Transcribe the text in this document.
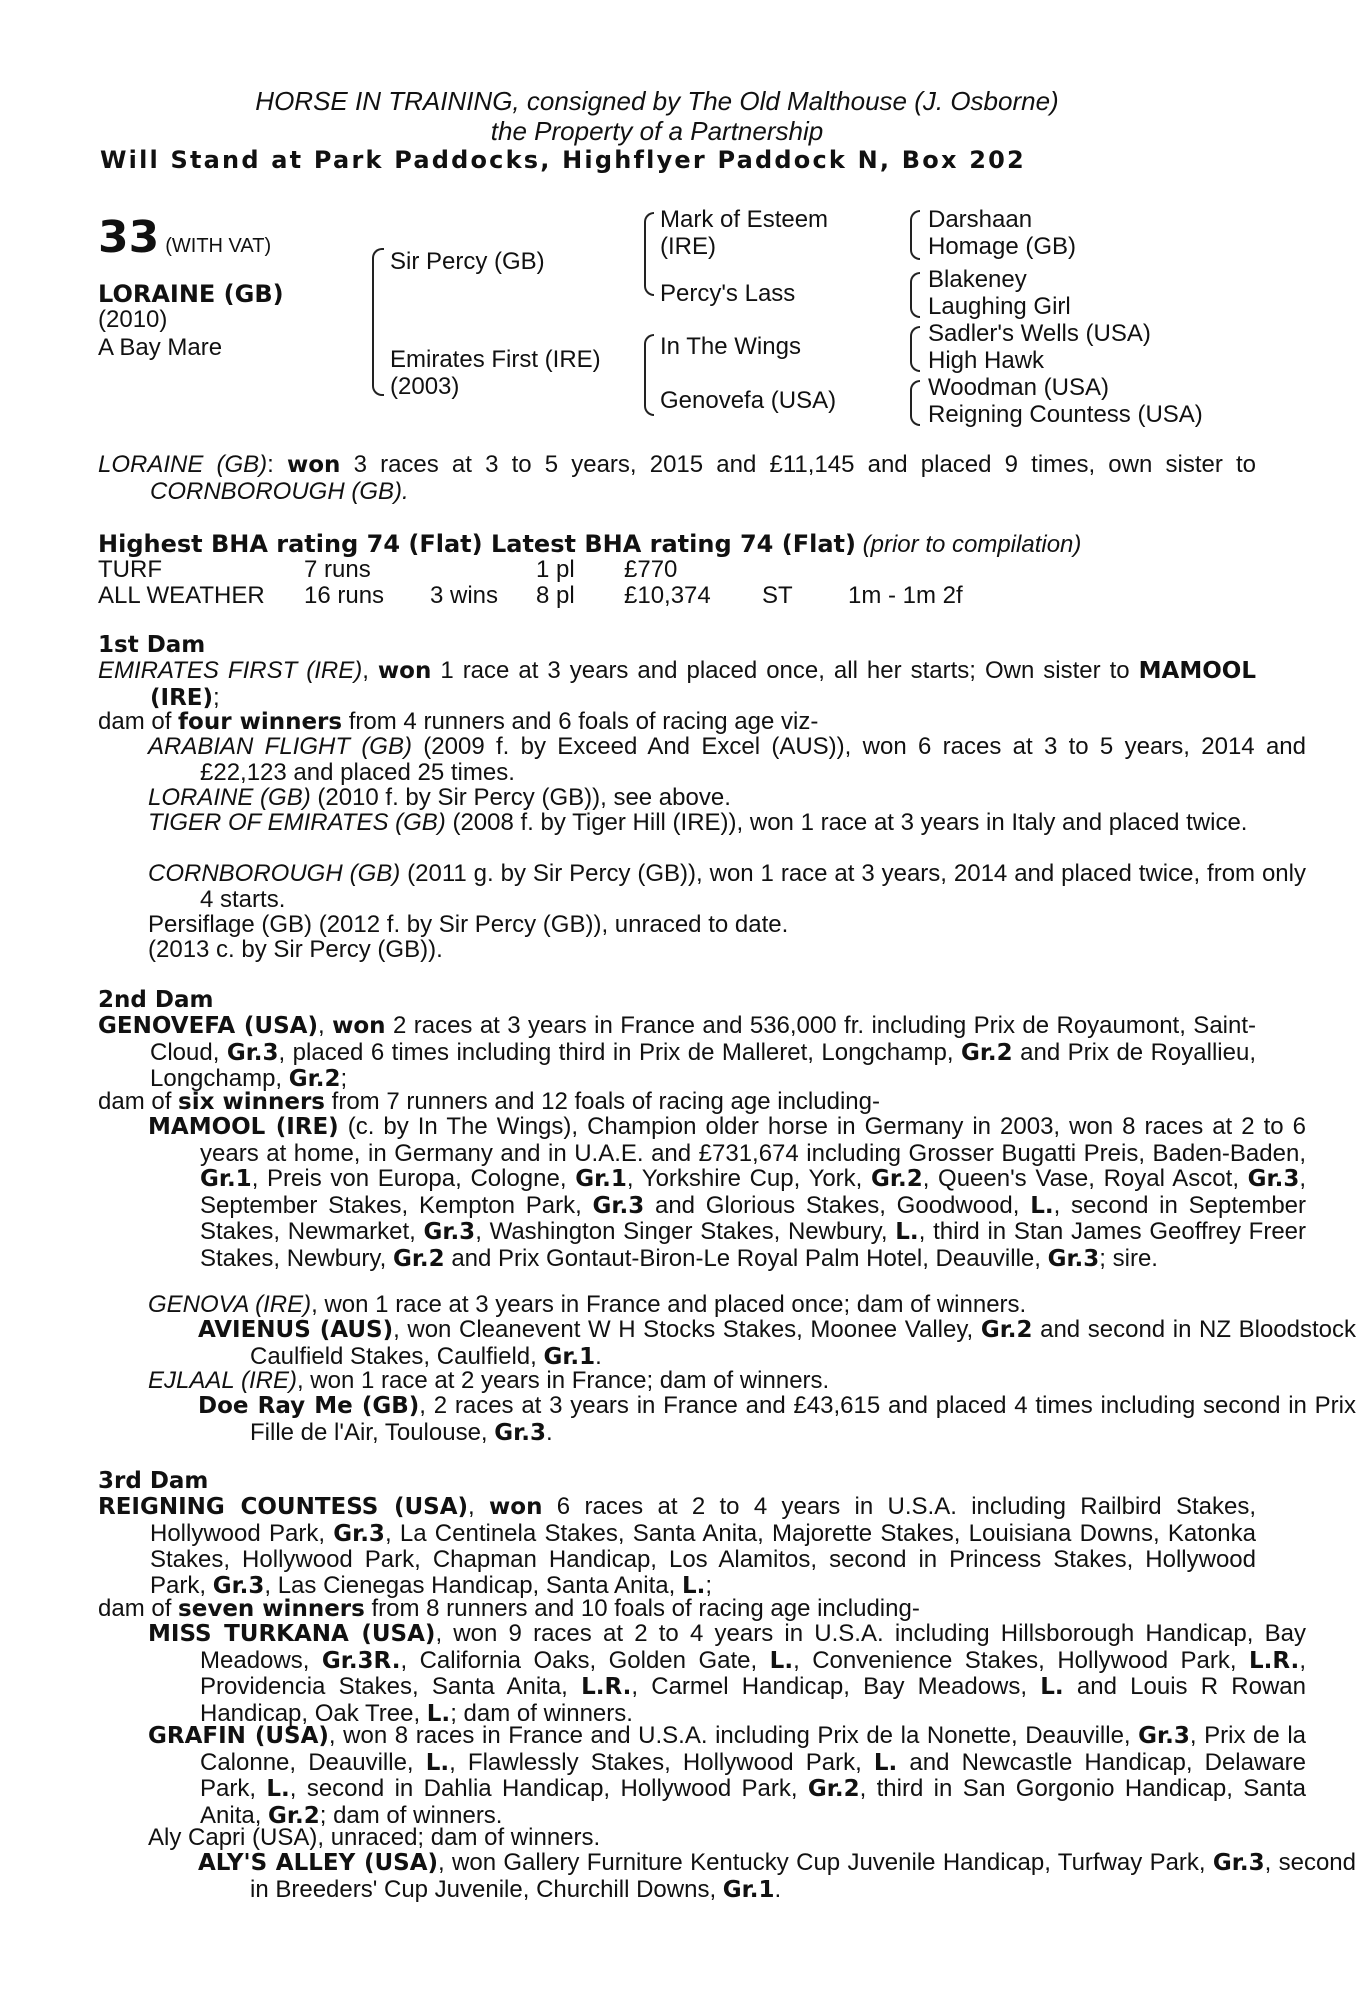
HORSE IN TRAINING, consigned by The Old Malthouse (J. Osborne)
the Property of a Partnership
Will Stand at Park Paddocks, Highflyer Paddock N, Box 202
33 (WITH VAT)
LORAINE (GB)
(2010)
A Bay Mare
Sir Percy (GB)
Emirates First (IRE)
(2003)
Mark of Esteem
(IRE)
Percy's Lass
In The Wings
Genovefa (USA)
Darshaan
Homage (GB)
Blakeney
Laughing Girl
Sadler's Wells (USA)
High Hawk
Woodman (USA)
Reigning Countess (USA)
LORAINE (GB): won 3 races at 3 to 5 years, 2015 and £11,145 and placed 9 times, own sister to CORNBOROUGH (GB).
Highest BHA rating 74 (Flat) Latest BHA rating 74 (Flat) (prior to compilation)
TURF	7 runs	1 pl £770
ALL WEATHER 16 runs 3 wins 8 pl £10,374 ST 1m - 1m 2f
1st Dam
EMIRATES FIRST (IRE), won 1 race at 3 years and placed once, all her starts; Own sister to MAMOOL (IRE);
dam of four winners from 4 runners and 6 foals of racing age viz-
ARABIAN FLIGHT (GB) (2009 f. by Exceed And Excel (AUS)), won 6 races at 3 to 5 years, 2014 and £22,123 and placed 25 times.
LORAINE (GB) (2010 f. by Sir Percy (GB)), see above.
TIGER OF EMIRATES (GB) (2008 f. by Tiger Hill (IRE)), won 1 race at 3 years in Italy and placed twice.
CORNBOROUGH (GB) (2011 g. by Sir Percy (GB)), won 1 race at 3 years, 2014 and placed twice, from only 4 starts.
Persiflage (GB) (2012 f. by Sir Percy (GB)), unraced to date.
(2013 c. by Sir Percy (GB)).
2nd Dam
GENOVEFA (USA), won 2 races at 3 years in France and 536,000 fr. including Prix de Royaumont, Saint-Cloud, Gr.3, placed 6 times including third in Prix de Malleret, Longchamp, Gr.2 and Prix de Royallieu, Longchamp, Gr.2;
dam of six winners from 7 runners and 12 foals of racing age including-
MAMOOL (IRE) (c. by In The Wings), Champion older horse in Germany in 2003, won 8 races at 2 to 6 years at home, in Germany and in U.A.E. and £731,674 including Grosser Bugatti Preis, Baden-Baden, Gr.1, Preis von Europa, Cologne, Gr.1, Yorkshire Cup, York, Gr.2, Queen's Vase, Royal Ascot, Gr.3, September Stakes, Kempton Park, Gr.3 and Glorious Stakes, Goodwood, L., second in September Stakes, Newmarket, Gr.3, Washington Singer Stakes, Newbury, L., third in Stan James Geoffrey Freer Stakes, Newbury, Gr.2 and Prix Gontaut-Biron-Le Royal Palm Hotel, Deauville, Gr.3; sire.
GENOVA (IRE), won 1 race at 3 years in France and placed once; dam of winners.
AVIENUS (AUS), won Cleanevent W H Stocks Stakes, Moonee Valley, Gr.2 and second in NZ Bloodstock Caulfield Stakes, Caulfield, Gr.1.
EJLAAL (IRE), won 1 race at 2 years in France; dam of winners.
Doe Ray Me (GB), 2 races at 3 years in France and £43,615 and placed 4 times including second in Prix Fille de l'Air, Toulouse, Gr.3.
3rd Dam
REIGNING COUNTESS (USA), won 6 races at 2 to 4 years in U.S.A. including Railbird Stakes, Hollywood Park, Gr.3, La Centinela Stakes, Santa Anita, Majorette Stakes, Louisiana Downs, Katonka Stakes, Hollywood Park, Chapman Handicap, Los Alamitos, second in Princess Stakes, Hollywood Park, Gr.3, Las Cienegas Handicap, Santa Anita, L.;
dam of seven winners from 8 runners and 10 foals of racing age including-
MISS TURKANA (USA), won 9 races at 2 to 4 years in U.S.A. including Hillsborough Handicap, Bay Meadows, Gr.3R., California Oaks, Golden Gate, L., Convenience Stakes, Hollywood Park, L.R., Providencia Stakes, Santa Anita, L.R., Carmel Handicap, Bay Meadows, L. and Louis R Rowan Handicap, Oak Tree, L.; dam of winners.
GRAFIN (USA), won 8 races in France and U.S.A. including Prix de la Nonette, Deauville, Gr.3, Prix de la Calonne, Deauville, L., Flawlessly Stakes, Hollywood Park, L. and Newcastle Handicap, Delaware Park, L., second in Dahlia Handicap, Hollywood Park, Gr.2, third in San Gorgonio Handicap, Santa Anita, Gr.2; dam of winners.
Aly Capri (USA), unraced; dam of winners.
ALY'S ALLEY (USA), won Gallery Furniture Kentucky Cup Juvenile Handicap, Turfway Park, Gr.3, second in Breeders' Cup Juvenile, Churchill Downs, Gr.1.
